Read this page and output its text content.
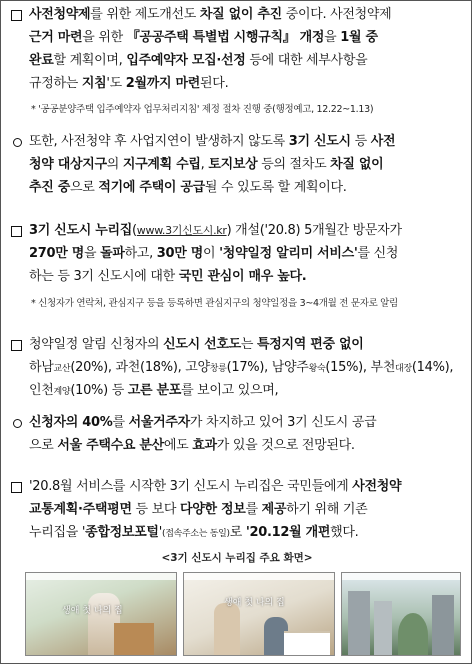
사전청약제를 위한 제도개선도 차질 없이 추진 중이다. 사전청약제
근거 마련을 위한 『공공주택 특별법 시행규칙』 개정을 1월 중
완료할 계획이며, 입주예약자 모집·선정 등에 대한 세부사항을
규정하는 지침'도 2월까지 마련된다.
* '공공분양주택 입주예약자 업무처리지침' 제정 절차 진행 중(행정예고, 12.22~1.13)
또한, 사전청약 후 사업지연이 발생하지 않도록 3기 신도시 등 사전
청약 대상지구의 지구계획 수립, 토지보상 등의 절차도 차질 없이
추진 중으로 적기에 주택이 공급될 수 있도록 할 계획이다.
3기 신도시 누리집(www.3기신도시.kr) 개설('20.8) 5개월간 방문자가
270만 명을 돌파하고, 30만 명이 '청약일정 알리미 서비스'를 신청
하는 등 3기 신도시에 대한 국민 관심이 매우 높다.
* 신청자가 연락처, 관심지구 등을 등록하면 관심지구의 청약일정을 3~4개월 전 문자로 알림
청약일정 알림 신청자의 신도시 선호도는 특정지역 편중 없이
하남교산(20%), 과천(18%), 고양창릉(17%), 남양주왕숙(15%), 부천대장(14%),
인천계양(10%) 등 고른 분포를 보이고 있으며,
신청자의 40%를 서울거주자가 차지하고 있어 3기 신도시 공급
으로 서울 주택수요 분산에도 효과가 있을 것으로 전망된다.
'20.8월 서비스를 시작한 3기 신도시 누리집은 국민들에게 사전청약
교통계획·주택평면 등 보다 다양한 정보를 제공하기 위해 기존
누리집을 '종합정보포털'(접속주소는 동일)로 '20.12월 개편했다.
<3기 신도시 누리집 주요 화면>
생애 첫 나의 집
생애 첫 나의 집
